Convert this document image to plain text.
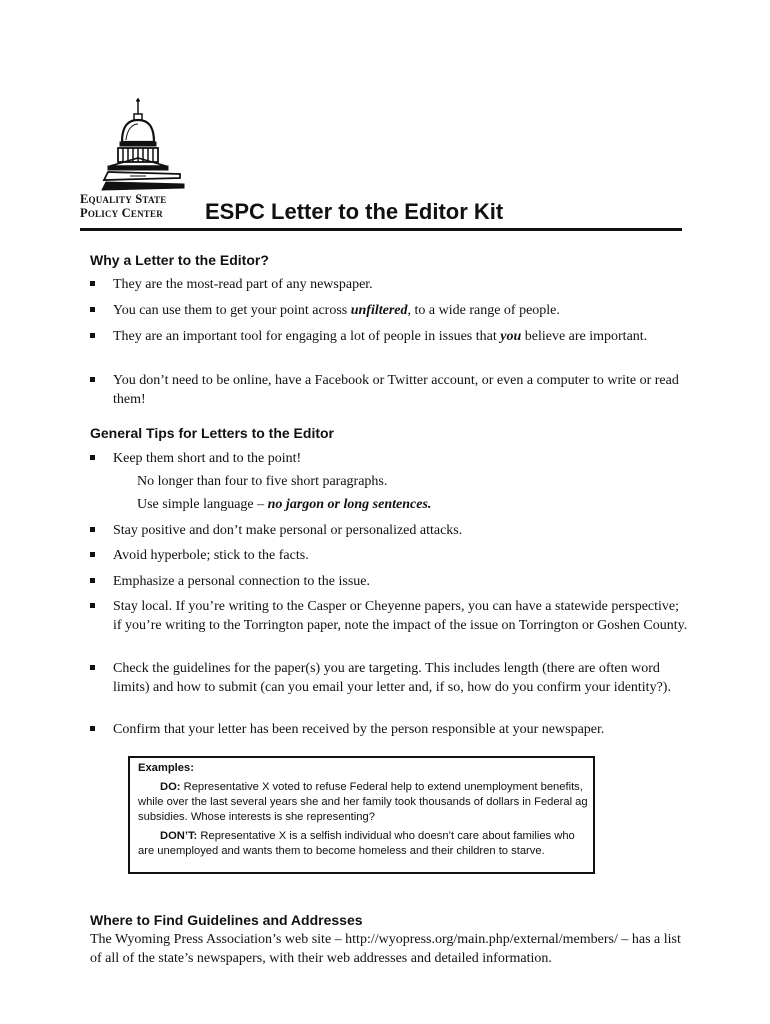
Equality State
Policy Center	ESPC Letter to the Editor Kit
Why a Letter to the Editor?
They are the most-read part of any newspaper.
You can use them to get your point across unfiltered, to a wide range of people.
They are an important tool for engaging a lot of people in issues that you believe are important.
You don’t need to be online, have a Facebook or Twitter account, or even a computer to write or read them!
General Tips for Letters to the Editor
Keep them short and to the point!
No longer than four to five short paragraphs.
Use simple language – no jargon or long sentences.
Stay positive and don’t make personal or personalized attacks.
Avoid hyperbole; stick to the facts.
Emphasize a personal connection to the issue.
Stay local. If you’re writing to the Casper or Cheyenne papers, you can have a statewide perspective; if you’re writing to the Torrington paper, note the impact of the issue on Torrington or Goshen County.
Check the guidelines for the paper(s) you are targeting. This includes length (there are often word limits) and how to submit (can you email your letter and, if so, how do you confirm your identity?).
Confirm that your letter has been received by the person responsible at your newspaper.
Examples:
DO: Representative X voted to refuse Federal help to extend unemployment benefits, while over the last several years she and her family took thousands of dollars in Federal ag subsidies. Whose interests is she representing?
DON’T: Representative X is a selfish individual who doesn’t care about families who are unemployed and wants them to become homeless and their children to starve.
Where to Find Guidelines and Addresses
The Wyoming Press Association’s web site – http://wyopress.org/main.php/external/members/ – has a list of all of the state’s newspapers, with their web addresses and detailed information.
